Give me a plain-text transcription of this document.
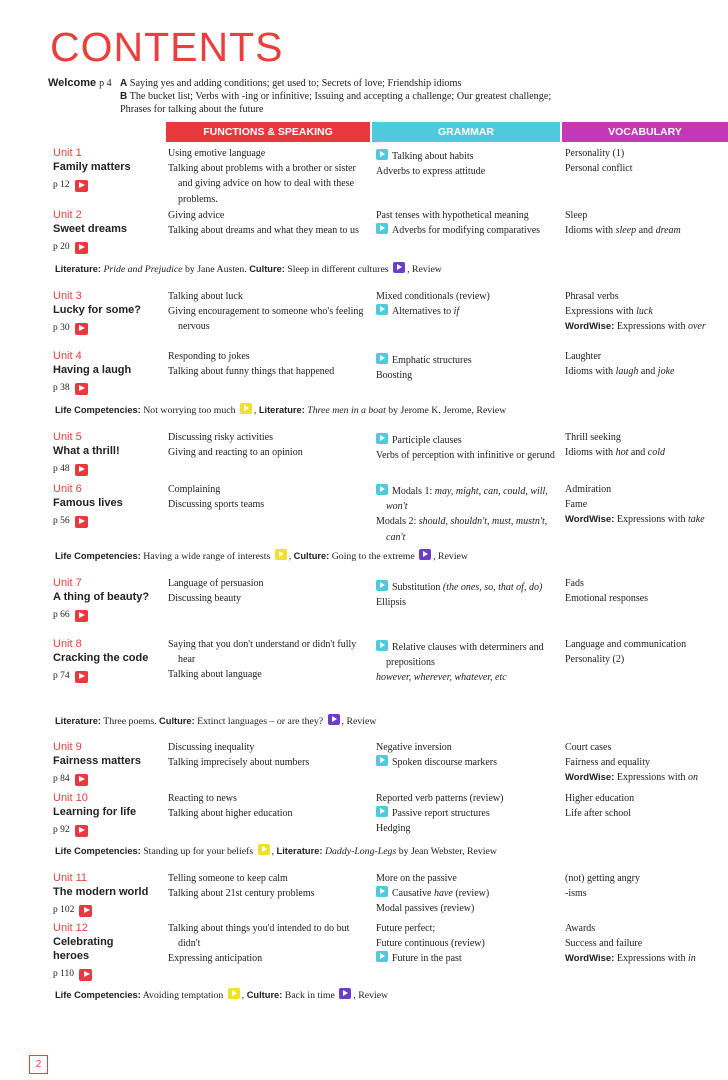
CONTENTS
Welcome p 4 A Saying yes and adding conditions; get used to; Secrets of love; Friendship idioms
B The bucket list; Verbs with -ing or infinitive; Issuing and accepting a challenge; Our greatest challenge;
Phrases for talking about the future
FUNCTIONS & SPEAKING	GRAMMAR	VOCABULARY
Unit 1
Family matters
p 12
Using emotive language
Talking about problems with a brother or sister and giving advice on how to deal with these problems.
Talking about habits
Adverbs to express attitude
Personality (1)
Personal conflict
Unit 2
Sweet dreams
p 20
Giving advice
Talking about dreams and what they mean to us
Past tenses with hypothetical meaning
Adverbs for modifying comparatives
Sleep
Idioms with sleep and dream
Literature: Pride and Prejudice by Jane Austen. Culture: Sleep in different cultures , Review
Unit 3
Lucky for some?
p 30
Talking about luck
Giving encouragement to someone who's feeling nervous
Mixed conditionals (review)
Alternatives to if
Phrasal verbs
Expressions with luck
WordWise: Expressions with over
Unit 4
Having a laugh
p 38
Responding to jokes
Talking about funny things that happened
Emphatic structures
Boosting
Laughter
Idioms with laugh and joke
Life Competencies: Not worrying too much , Literature: Three men in a boat by Jerome K. Jerome, Review
Unit 5
What a thrill!
p 48
Discussing risky activities
Giving and reacting to an opinion
Participle clauses
Verbs of perception with infinitive or gerund
Thrill seeking
Idioms with hot and cold
Unit 6
Famous lives
p 56
Complaining
Discussing sports teams
Modals 1: may, might, can, could, will, won't
Modals 2: should, shouldn't, must, mustn't, can't
Admiration
Fame
WordWise: Expressions with take
Life Competencies: Having a wide range of interests , Culture: Going to the extreme , Review
Unit 7
A thing of beauty?
p 66
Language of persuasion
Discussing beauty
Substitution (the ones, so, that of, do)
Ellipsis
Fads
Emotional responses
Unit 8
Cracking the code
p 74
Saying that you don't understand or didn't fully hear
Talking about language
Relative clauses with determiners and prepositions
however, wherever, whatever, etc
Language and communication
Personality (2)
Literature: Three poems. Culture: Extinct languages – or are they? , Review
Unit 9
Fairness matters
p 84
Discussing inequality
Talking imprecisely about numbers
Negative inversion
Spoken discourse markers
Court cases
Fairness and equality
WordWise: Expressions with on
Unit 10
Learning for life
p 92
Reacting to news
Talking about higher education
Reported verb patterns (review)
Passive report structures
Hedging
Higher education
Life after school
Life Competencies: Standing up for your beliefs , Literature: Daddy-Long-Legs by Jean Webster, Review
Unit 11
The modern world
p 102
Telling someone to keep calm
Talking about 21st century problems
More on the passive
Causative have (review)
Modal passives (review)
(not) getting angry
-isms
Unit 12
Celebrating heroes
p 110
Talking about things you'd intended to do but didn't
Expressing anticipation
Future perfect;
Future continuous (review)
Future in the past
Awards
Success and failure
WordWise: Expressions with in
Life Competencies: Avoiding temptation , Culture: Back in time , Review
2
